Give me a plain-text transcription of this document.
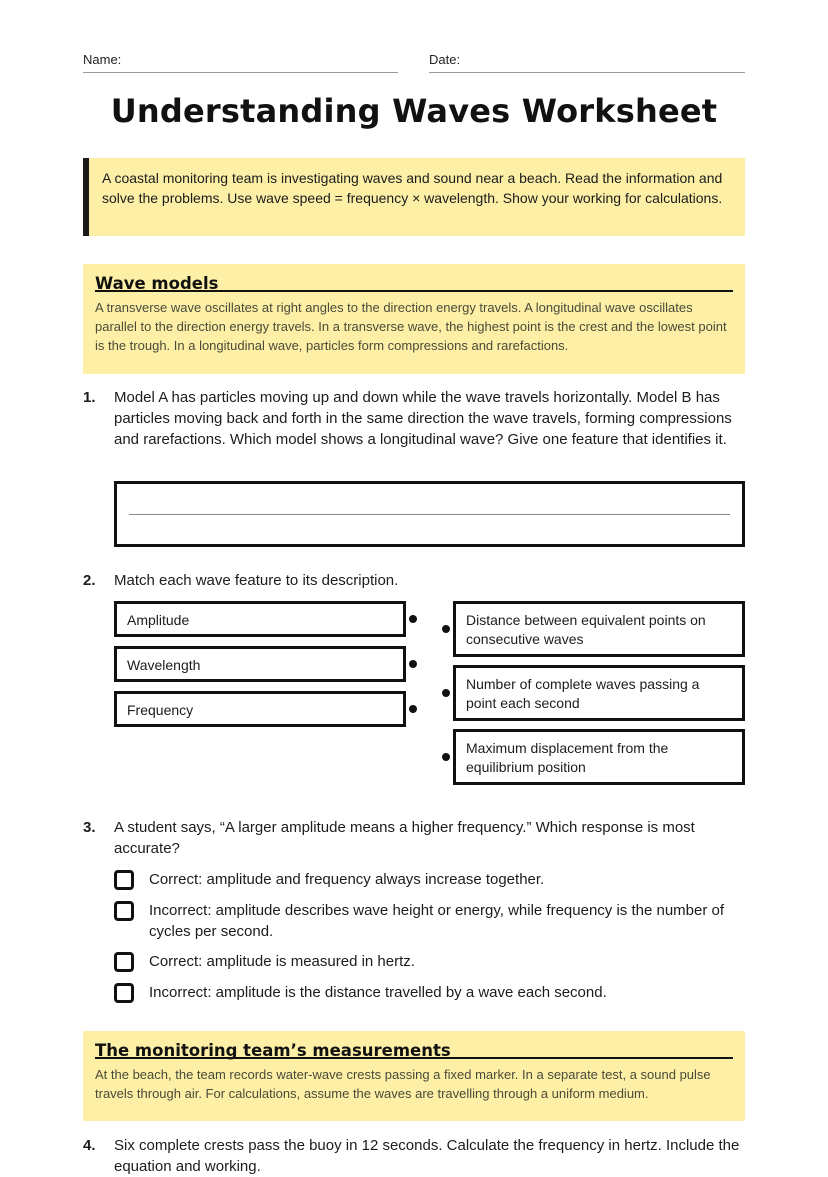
Name:	Date:
Understanding Waves Worksheet
A coastal monitoring team is investigating waves and sound near a beach. Read the information and solve the problems. Use wave speed = frequency × wavelength. Show your working for calculations.
Wave models
A transverse wave oscillates at right angles to the direction energy travels. A longitudinal wave oscillates parallel to the direction energy travels. In a transverse wave, the highest point is the crest and the lowest point is the trough. In a longitudinal wave, particles form compressions and rarefactions.
1. Model A has particles moving up and down while the wave travels horizontally. Model B has particles moving back and forth in the same direction the wave travels, forming compressions and rarefactions. Which model shows a longitudinal wave? Give one feature that identifies it.
2. Match each wave feature to its description.
Amplitude
Wavelength
Frequency
Distance between equivalent points on consecutive waves
Number of complete waves passing a point each second
Maximum displacement from the equilibrium position
3. A student says, “A larger amplitude means a higher frequency.” Which response is most accurate?
Correct: amplitude and frequency always increase together.
Incorrect: amplitude describes wave height or energy, while frequency is the number of cycles per second.
Correct: amplitude is measured in hertz.
Incorrect: amplitude is the distance travelled by a wave each second.
The monitoring team’s measurements
At the beach, the team records water-wave crests passing a fixed marker. In a separate test, a sound pulse travels through air. For calculations, assume the waves are travelling through a uniform medium.
4. Six complete crests pass the buoy in 12 seconds. Calculate the frequency in hertz. Include the equation and working.
